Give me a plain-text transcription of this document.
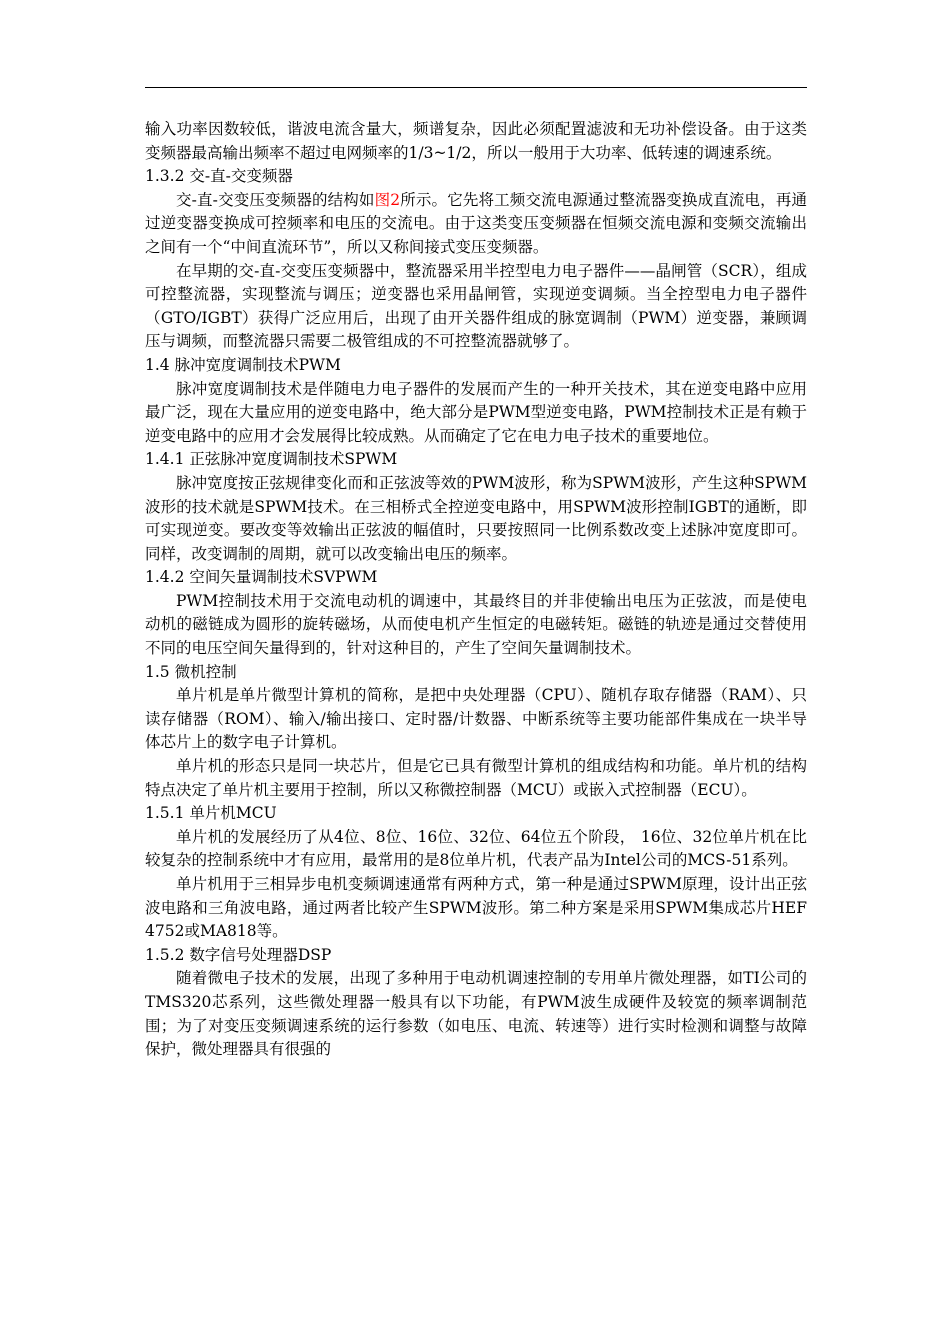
输入功率因数较低，谐波电流含量大，频谱复杂，因此必须配置滤波和无功补偿设备。由于这类变频器最高输出频率不超过电网频率的1/3~1/2，所以一般用于大功率、低转速的调速系统。

1.3.2 交-直-交变频器

交-直-交变压变频器的结构如图2所示。它先将工频交流电源通过整流器变换成直流电，再通过逆变器变换成可控频率和电压的交流电。由于这类变压变频器在恒频交流电源和变频交流输出之间有一个“中间直流环节”，所以又称间接式变压变频器。

在早期的交-直-交变压变频器中，整流器采用半控型电力电子器件——晶闸管（SCR），组成可控整流器，实现整流与调压；逆变器也采用晶闸管，实现逆变调频。当全控型电力电子器件（GTO/IGBT）获得广泛应用后，出现了由开关器件组成的脉宽调制（PWM）逆变器，兼顾调压与调频，而整流器只需要二极管组成的不可控整流器就够了。

1.4 脉冲宽度调制技术PWM

脉冲宽度调制技术是伴随电力电子器件的发展而产生的一种开关技术，其在逆变电路中应用最广泛，现在大量应用的逆变电路中，绝大部分是PWM型逆变电路，PWM控制技术正是有赖于逆变电路中的应用才会发展得比较成熟。从而确定了它在电力电子技术的重要地位。

1.4.1 正弦脉冲宽度调制技术SPWM

脉冲宽度按正弦规律变化而和正弦波等效的PWM波形，称为SPWM波形，产生这种SPWM波形的技术就是SPWM技术。在三相桥式全控逆变电路中，用SPWM波形控制IGBT的通断，即可实现逆变。要改变等效输出正弦波的幅值时，只要按照同一比例系数改变上述脉冲宽度即可。同样，改变调制的周期，就可以改变输出电压的频率。

1.4.2 空间矢量调制技术SVPWM

PWM控制技术用于交流电动机的调速中，其最终目的并非使输出电压为正弦波，而是使电动机的磁链成为圆形的旋转磁场，从而使电机产生恒定的电磁转矩。磁链的轨迹是通过交替使用不同的电压空间矢量得到的，针对这种目的，产生了空间矢量调制技术。

1.5 微机控制

单片机是单片微型计算机的简称，是把中央处理器（CPU）、随机存取存储器（RAM）、只读存储器（ROM）、输入/输出接口、定时器/计数器、中断系统等主要功能部件集成在一块半导体芯片上的数字电子计算机。

单片机的形态只是同一块芯片，但是它已具有微型计算机的组成结构和功能。单片机的结构特点决定了单片机主要用于控制，所以又称微控制器（MCU）或嵌入式控制器（ECU）。

1.5.1 单片机MCU

单片机的发展经历了从4位、8位、16位、32位、64位五个阶段， 16位、32位单片机在比较复杂的控制系统中才有应用，最常用的是8位单片机，代表产品为Intel公司的MCS-51系列。

单片机用于三相异步电机变频调速通常有两种方式，第一种是通过SPWM原理，设计出正弦波电路和三角波电路，通过两者比较产生SPWM波形。第二种方案是采用SPWM集成芯片HEF4752或MA818等。

1.5.2 数字信号处理器DSP

随着微电子技术的发展，出现了多种用于电动机调速控制的专用单片微处理器，如TI公司的TMS320芯系列，这些微处理器一般具有以下功能，有PWM波生成硬件及较宽的频率调制范围；为了对变压变频调速系统的运行参数（如电压、电流、转速等）进行实时检测和调整与故障保护，微处理器具有很强的
